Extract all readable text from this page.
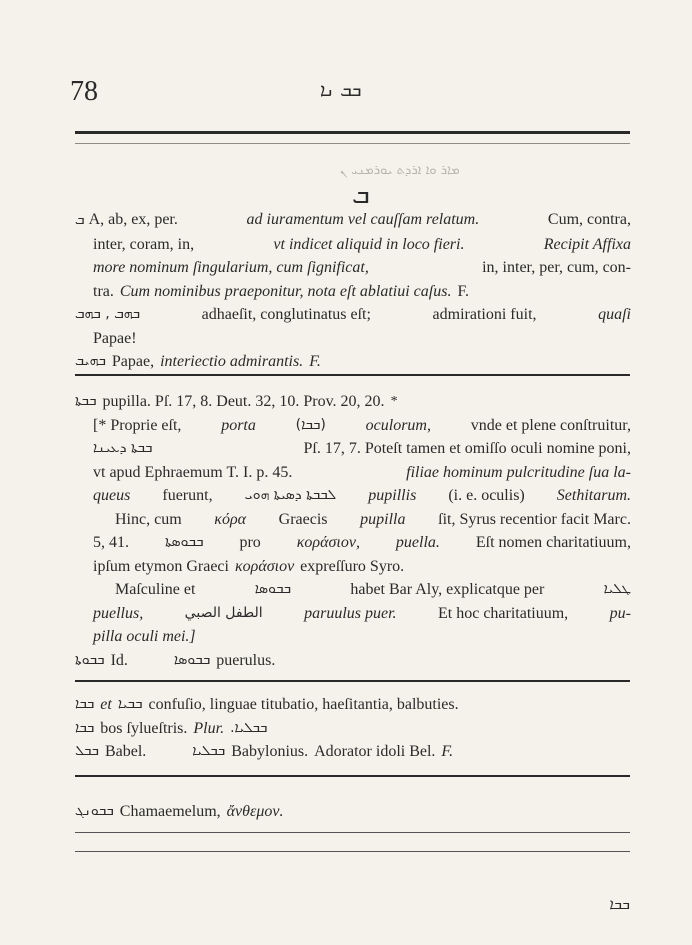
78	ܒܒ ܢܐ
ܡܐܪ ܘܐ ܐܪܕܬ ܝܘܪܡܢܝ ܢ
ܒ
ܒ A, ab, ex, per.	ad iuramentum vel cauſſam relatum.	Cum, contra,
inter, coram, in,	vt indicet aliquid in loco fieri.	Recipit Affixa
more nominum ſingularium, cum ſignificat,	in, inter, per, cum, con-
tra. Cum nominibus praeponitur, nota eſt ablatiui caſus. F.
ܒܗܒ , ܒܗܒ	adhaeſit, conglutinatus eſt;	admirationi fuit,	quaſi
Papae!
ܒܗܝܒ Papae, interiectio admirantis. F.
ܒܒܬܐ pupilla. Pſ. 17, 8. Deut. 32, 10. Prov. 20, 20. *
[* Proprie eſt, porta	(ܒܒܐ) oculorum, vnde et plene conſtruitur,
ܒܒܬܐ ܕܥܝܢܐ	Pſ. 17, 7. Poteſt tamen et omiſſo oculi nomine poni,
vt apud Ephraemum T. I. p. 45.	filiae hominum pulcritudine ſua la-
queus fuerunt, ܠܒܒܬܐ ܕܣܝܬܐ ܗܘܝ pupillis (i. e. oculis) Sethitarum.
Hinc, cum κόρα Graecis pupilla ſit, Syrus recentior facit Marc.
5, 41.	ܒܒܘܣܬܐ pro κοράσιον, puella. Eſt nomen charitatiuum,
ipſum etymon Graeci κοράσιον expreſſuro Syro.
Maſculine et	ܒܒܘܣܐ	habet Bar Aly, explicatque per	ܛܠܝܐ
puellus,	الطفل الصبي	paruulus puer.	Et hoc charitatiuum,	pu-
pilla oculi mei.]
ܒܒܘܬܐ Id.	ܒܒܘܣܐ puerulus.
ܒܒܐ et ܒܒܝܐ confuſio, linguae titubatio, haeſitantia, balbuties.
ܒܒܐ bos ſylueſtris. Plur. ܒܒܠܝܐ.
ܒܒܠ Babel.	ܒܒܠܝܐ Babylonius. Adorator idoli Bel. F.
ܒܒܘܢܓ Chamaemelum, ἄνθεμον.
ܒܒܐ
